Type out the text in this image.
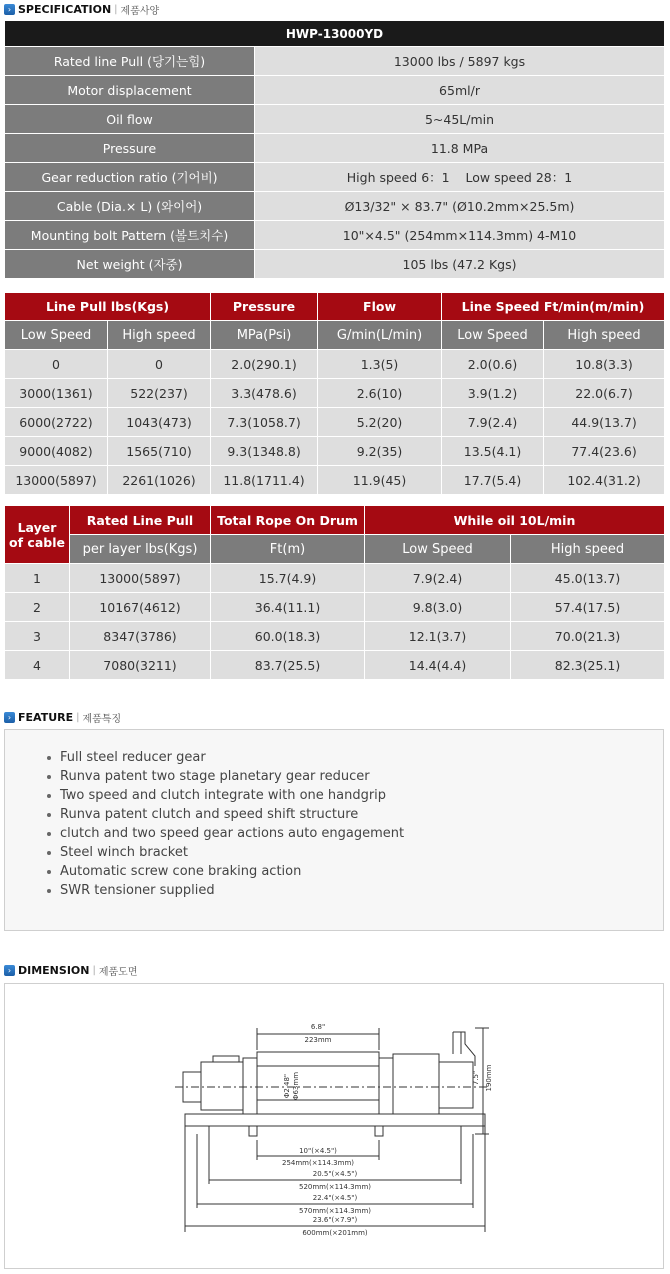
› SPECIFICATION | 제품사양
HWP-13000YD	
Rated line Pull (당기는힘)	13000 lbs / 5897 kgs
Motor displacement	65ml/r
Oil flow	5~45L/min
Pressure	11.8 MPa
Gear reduction ratio (기어비)	High speed 6：1    Low speed 28：1
Cable (Dia.× L) (와이어)	Ø13/32" × 83.7" (Ø10.2mm×25.5m)
Mounting bolt Pattern (볼트치수)	10"×4.5" (254mm×114.3mm) 4-M10
Net weight (자중)	105 lbs (47.2 Kgs)
Line Pull lbs(Kgs)		Pressure	Flow	Line Speed Ft/min(m/min)	
Low Speed	High speed	MPa(Psi)	G/min(L/min)	Low Speed	High speed
0	0	2.0(290.1)	1.3(5)	2.0(0.6)	10.8(3.3)
3000(1361)	522(237)	3.3(478.6)	2.6(10)	3.9(1.2)	22.0(6.7)
6000(2722)	1043(473)	7.3(1058.7)	5.2(20)	7.9(2.4)	44.9(13.7)
9000(4082)	1565(710)	9.3(1348.8)	9.2(35)	13.5(4.1)	77.4(23.6)
13000(5897)	2261(1026)	11.8(1711.4)	11.9(45)	17.7(5.4)	102.4(31.2)
Layer
of cable	Rated Line Pull	Total Rope On Drum	While oil 10L/min	
	per layer lbs(Kgs)	Ft(m)	Low Speed	High speed
1	13000(5897)	15.7(4.9)	7.9(2.4)	45.0(13.7)
2	10167(4612)	36.4(11.1)	9.8(3.0)	57.4(17.5)
3	8347(3786)	60.0(18.3)	12.1(3.7)	70.0(21.3)
4	7080(3211)	83.7(25.5)	14.4(4.4)	82.3(25.1)
› FEATURE | 제품특징
Full steel reducer gear
Runva patent two stage planetary gear reducer
Two speed and clutch integrate with one handgrip
Runva patent clutch and speed shift structure
clutch and two speed gear actions auto engagement
Steel winch bracket
Automatic screw cone braking action
SWR tensioner supplied
› DIMENSION | 제품도면
6.8"
223mm
Φ2.48" Φ63mm	7.5" 190mm
10"(×4.5")
254mm(×114.3mm)
20.5"(×4.5")
520mm(×114.3mm)
22.4"(×4.5")
570mm(×114.3mm)
23.6"(×7.9")
600mm(×201mm)
